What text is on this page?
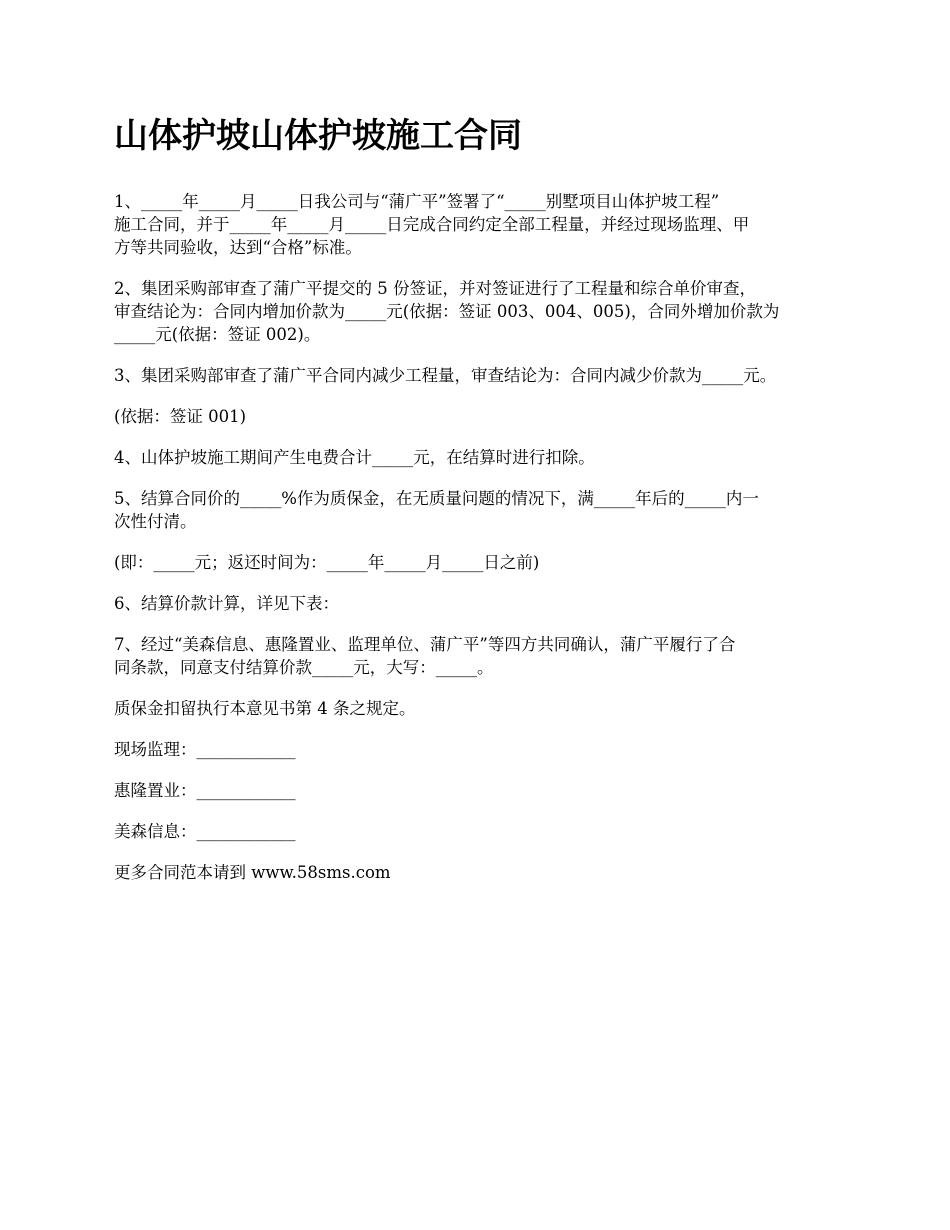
山体护坡山体护坡施工合同

1、_____年_____月_____日我公司与“蒲广平”签署了“_____别墅项目山体护坡工程”
施工合同，并于_____年_____月_____日完成合同约定全部工程量，并经过现场监理、甲
方等共同验收，达到“合格”标准。

2、集团采购部审查了蒲广平提交的 5 份签证，并对签证进行了工程量和综合单价审查，
审查结论为：合同内增加价款为_____元(依据：签证 003、004、005)，合同外增加价款为
_____元(依据：签证 002)。

3、集团采购部审查了蒲广平合同内减少工程量，审查结论为：合同内减少价款为_____元。

(依据：签证 001)

4、山体护坡施工期间产生电费合计_____元，在结算时进行扣除。

5、结算合同价的_____%作为质保金，在无质量问题的情况下，满_____年后的_____内一
次性付清。

(即：_____元；返还时间为：_____年_____月_____日之前)

6、结算价款计算，详见下表：

7、经过“美森信息、惠隆置业、监理单位、蒲广平”等四方共同确认，蒲广平履行了合
同条款，同意支付结算价款_____元，大写：_____。

质保金扣留执行本意见书第 4 条之规定。

现场监理：____________

惠隆置业：____________

美森信息：____________

更多合同范本请到 www.58sms.com
